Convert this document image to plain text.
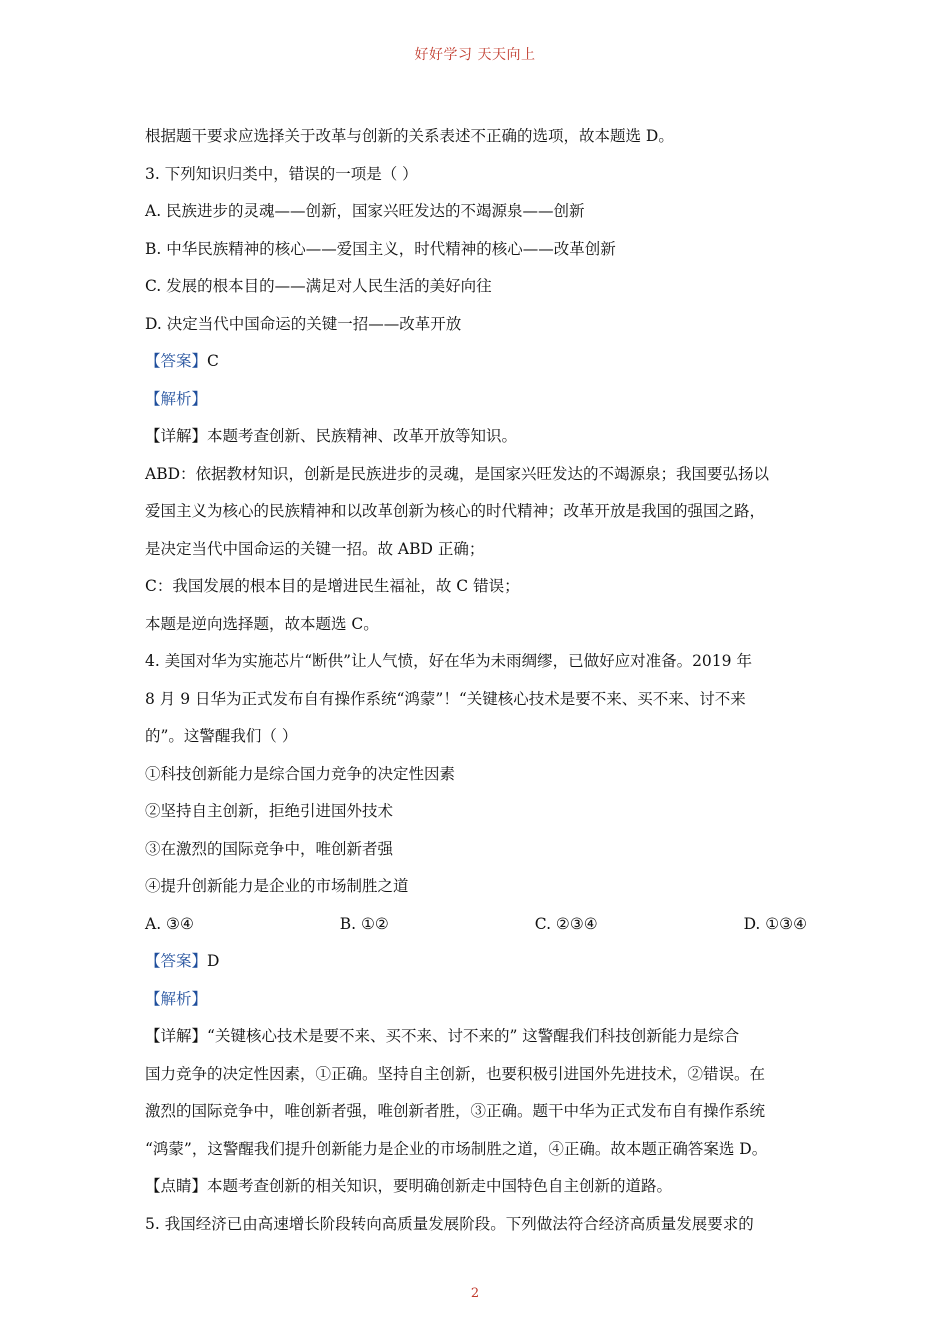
好好学习 天天向上
根据题干要求应选择关于改革与创新的关系表述不正确的选项，故本题选 D。
3. 下列知识归类中，错误的一项是（ ）
A. 民族进步的灵魂——创新，国家兴旺发达的不竭源泉——创新
B. 中华民族精神的核心——爱国主义，时代精神的核心——改革创新
C. 发展的根本目的——满足对人民生活的美好向往
D. 决定当代中国命运的关键一招——改革开放
【答案】C
【解析】
【详解】本题考查创新、民族精神、改革开放等知识。
ABD：依据教材知识，创新是民族进步的灵魂，是国家兴旺发达的不竭源泉；我国要弘扬以
爱国主义为核心的民族精神和以改革创新为核心的时代精神；改革开放是我国的强国之路，
是决定当代中国命运的关键一招。故 ABD 正确；
C：我国发展的根本目的是增进民生福祉，故 C 错误；
本题是逆向选择题，故本题选 C。
4. 美国对华为实施芯片“断供”让人气愤，好在华为未雨绸缪，已做好应对准备。2019 年
8 月 9 日华为正式发布自有操作系统“鸿蒙”！“关键核心技术是要不来、买不来、讨不来
的”。这警醒我们（ ）
①科技创新能力是综合国力竞争的决定性因素
②坚持自主创新，拒绝引进国外技术
③在激烈的国际竞争中，唯创新者强
④提升创新能力是企业的市场制胜之道
A. ③④	B. ①②	C. ②③④	D. ①③④
【答案】D
【解析】
【详解】“关键核心技术是要不来、买不来、讨不来的” 这警醒我们科技创新能力是综合
国力竞争的决定性因素，①正确。坚持自主创新，也要积极引进国外先进技术，②错误。在
激烈的国际竞争中，唯创新者强，唯创新者胜，③正确。题干中华为正式发布自有操作系统
“鸿蒙”，这警醒我们提升创新能力是企业的市场制胜之道，④正确。故本题正确答案选 D。
【点睛】本题考查创新的相关知识，要明确创新走中国特色自主创新的道路。
5. 我国经济已由高速增长阶段转向高质量发展阶段。下列做法符合经济高质量发展要求的
2
